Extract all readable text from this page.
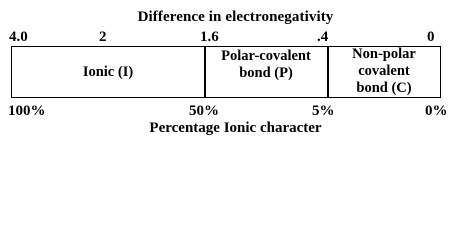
Difference in electronegativity
4.0	2	1.6	.4	0
Ionic (I)
Polar-covalent
bond (P)
Non-polar
covalent
bond (C)
100%	50%	5%	0%
Percentage Ionic character
